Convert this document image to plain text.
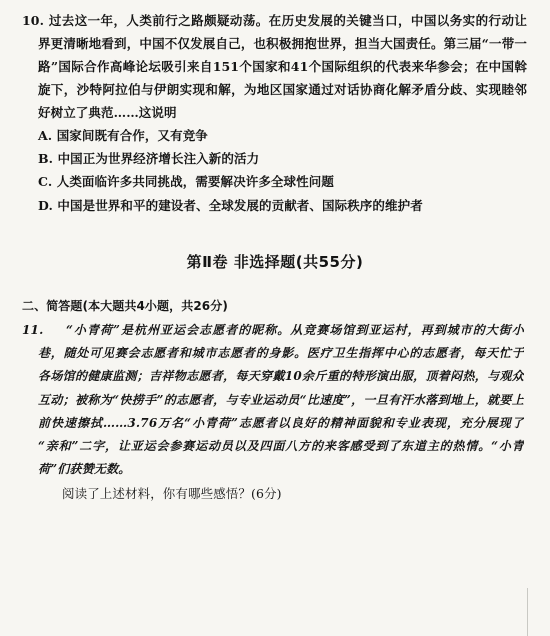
10. 过去这一年，人类前行之路颇疑动荡。在历史发展的关键当口，中国以务实的行动让
界更清晰地看到，中国不仅发展自己，也积极拥抱世界，担当大国责任。第三届“一带一
路”国际合作高峰论坛吸引来自151个国家和41个国际组织的代表来华参会；在中国斡
旋下，沙特阿拉伯与伊朗实现和解，为地区国家通过对话协商化解矛盾分歧、实现睦邻
好树立了典范……这说明
A. 国家间既有合作，又有竞争
B. 中国正为世界经济增长注入新的活力
C. 人类面临许多共同挑战，需要解决许多全球性问题
D. 中国是世界和平的建设者、全球发展的贡献者、国际秩序的维护者
第Ⅱ卷 非选择题(共55分)
二、简答题(本大题共4小题，共26分)
11. “小青荷”是杭州亚运会志愿者的昵称。从竞赛场馆到亚运村，再到城市的大街小
巷，随处可见赛会志愿者和城市志愿者的身影。医疗卫生指挥中心的志愿者，每天忙于
各场馆的健康监测；吉祥物志愿者，每天穿戴10余斤重的特形演出服，顶着闷热，与观众
互动；被称为“快捞手”的志愿者，与专业运动员“比速度”，一旦有汗水落到地上，就要上
前快速擦拭……3.76万名“小青荷”志愿者以良好的精神面貌和专业表现，充分展现了
“亲和”二字，让亚运会参赛运动员以及四面八方的来客感受到了东道主的热情。“小青
荷”们获赞无数。
阅读了上述材料，你有哪些感悟？(6分)
